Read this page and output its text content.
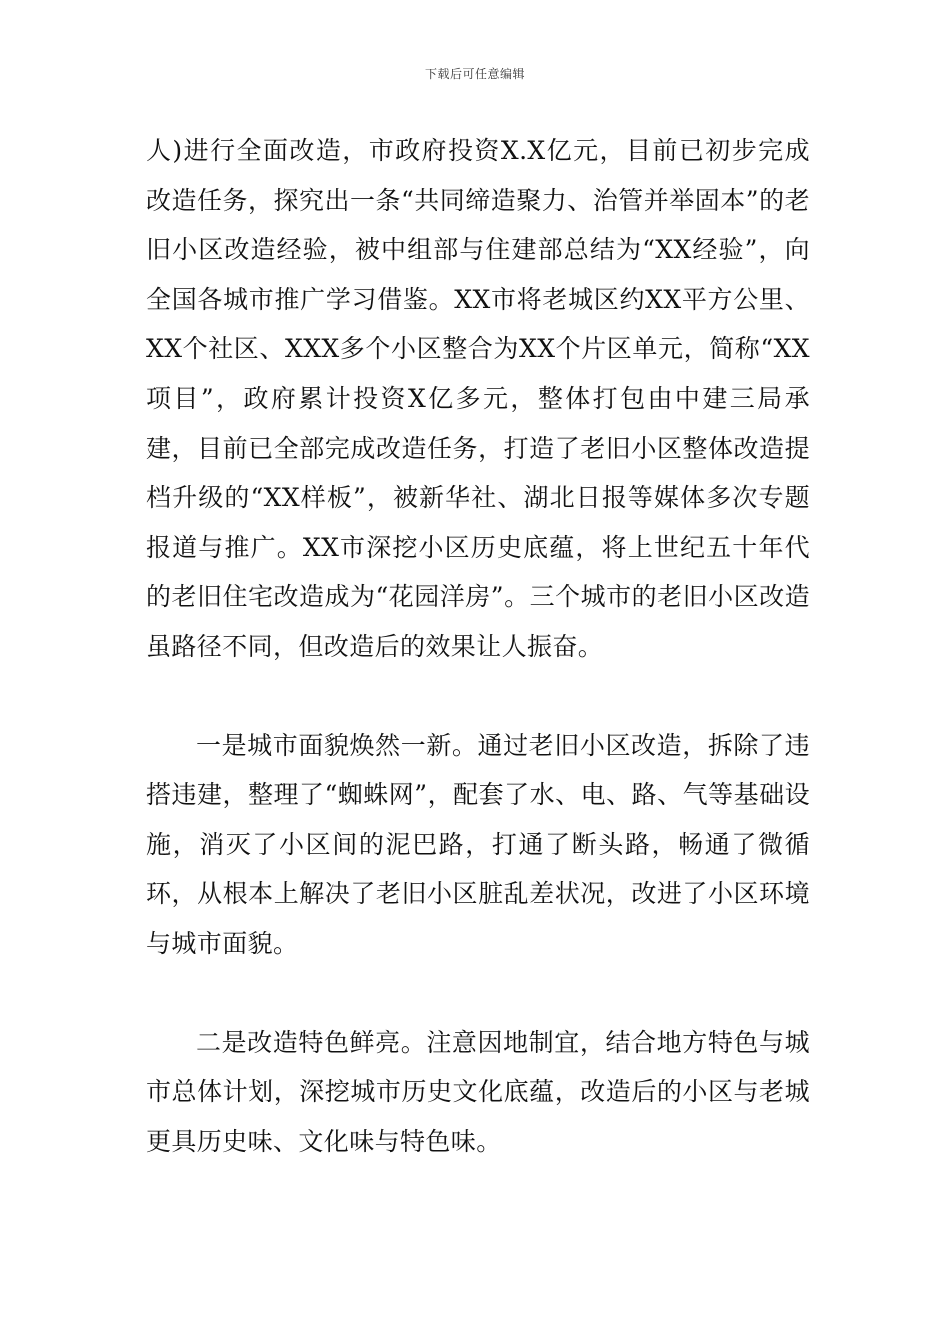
下载后可任意编辑

人)进行全面改造，市政府投资X.X亿元，目前已初步完成改造任务，探究出一条“共同缔造聚力、治管并举固本”的老旧小区改造经验，被中组部与住建部总结为“XX经验”，向全国各城市推广学习借鉴。XX市将老城区约XX平方公里、XX个社区、XXX多个小区整合为XX个片区单元，简称“XX项目”，政府累计投资X亿多元，整体打包由中建三局承建，目前已全部完成改造任务，打造了老旧小区整体改造提档升级的“XX样板”，被新华社、湖北日报等媒体多次专题报道与推广。XX市深挖小区历史底蕴，将上世纪五十年代的老旧住宅改造成为“花园洋房”。三个城市的老旧小区改造虽路径不同，但改造后的效果让人振奋。

一是城市面貌焕然一新。通过老旧小区改造，拆除了违搭违建，整理了“蜘蛛网”，配套了水、电、路、气等基础设施，消灭了小区间的泥巴路，打通了断头路，畅通了微循环，从根本上解决了老旧小区脏乱差状况，改进了小区环境与城市面貌。

二是改造特色鲜亮。注意因地制宜，结合地方特色与城市总体计划，深挖城市历史文化底蕴，改造后的小区与老城更具历史味、文化味与特色味。
